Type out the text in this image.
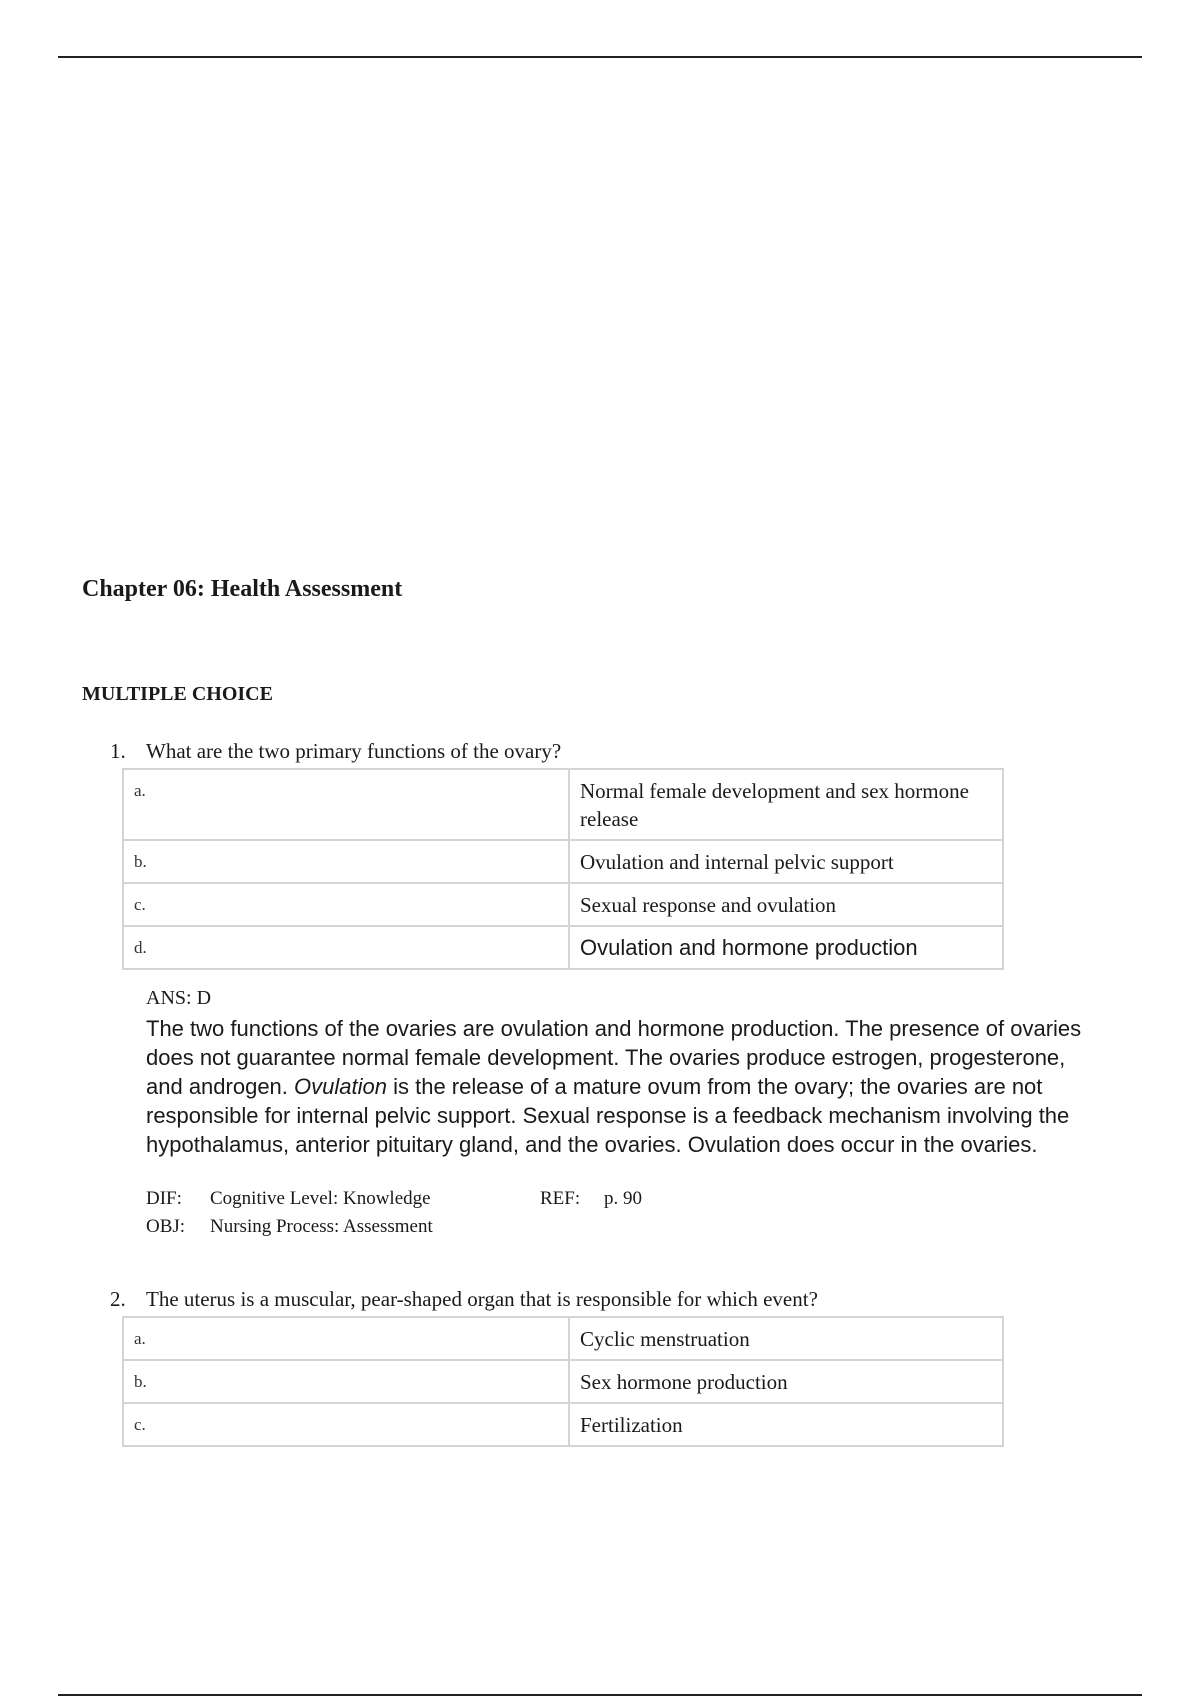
Chapter 06: Health Assessment
MULTIPLE CHOICE
1. What are the two primary functions of the ovary?
a.	Normal female development and sex hormone release
b.	Ovulation and internal pelvic support
c.	Sexual response and ovulation
d.	Ovulation and hormone production
ANS: D
The two functions of the ovaries are ovulation and hormone production. The presence of ovaries does not guarantee normal female development. The ovaries produce estrogen, progesterone, and androgen. Ovulation is the release of a mature ovum from the ovary; the ovaries are not responsible for internal pelvic support. Sexual response is a feedback mechanism involving the hypothalamus, anterior pituitary gland, and the ovaries. Ovulation does occur in the ovaries.
DIF: Cognitive Level: Knowledge	REF: p. 90
OBJ: Nursing Process: Assessment
2. The uterus is a muscular, pear-shaped organ that is responsible for which event?
a.	Cyclic menstruation
b.	Sex hormone production
c.	Fertilization
